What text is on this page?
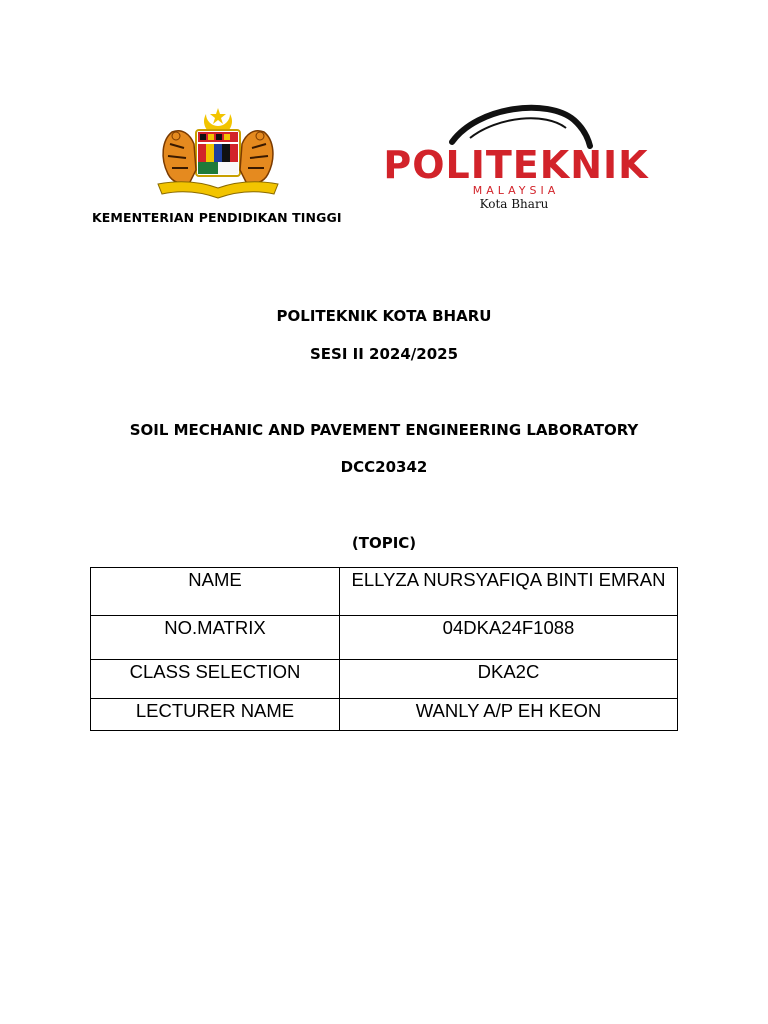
KEMENTERIAN PENDIDIKAN TINGGI
POLITEKNIK
MALAYSIA
Kota Bharu
POLITEKNIK KOTA BHARU
SESI II 2024/2025
SOIL MECHANIC AND PAVEMENT ENGINEERING LABORATORY
DCC20342
(TOPIC)
NAME	ELLYZA NURSYAFIQA BINTI EMRAN
NO.MATRIX	04DKA24F1088
CLASS SELECTION	DKA2C
LECTURER NAME	WANLY A/P EH KEON
